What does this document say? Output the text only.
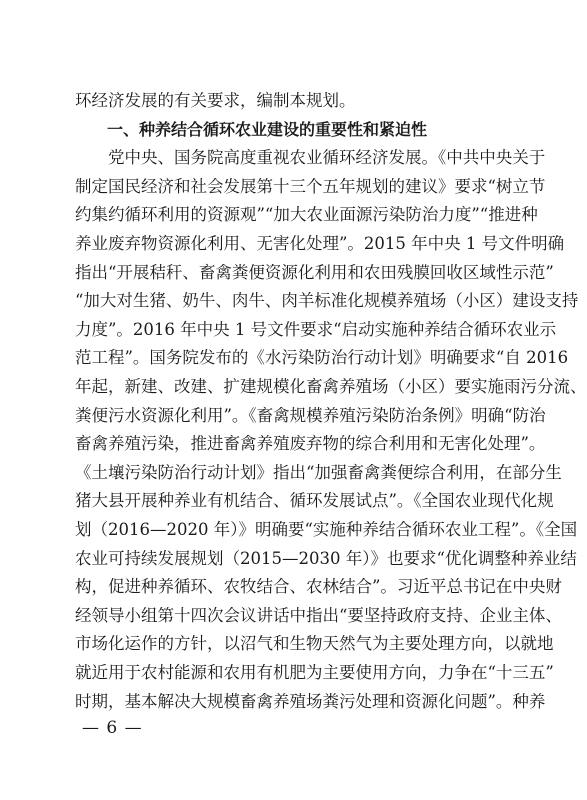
环经济发展的有关要求，编制本规划。
　　一、种养结合循环农业建设的重要性和紧迫性
　　党中央、国务院高度重视农业循环经济发展。《中共中央关于
制定国民经济和社会发展第十三个五年规划的建议》要求“树立节
约集约循环利用的资源观”“加大农业面源污染防治力度”“推进种
养业废弃物资源化利用、无害化处理”。2015 年中央 1 号文件明确
指出“开展秸秆、畜禽粪便资源化利用和农田残膜回收区域性示范”
“加大对生猪、奶牛、肉牛、肉羊标准化规模养殖场（小区）建设支持
力度”。2016 年中央 1 号文件要求“启动实施种养结合循环农业示
范工程”。国务院发布的《水污染防治行动计划》明确要求“自 2016
年起，新建、改建、扩建规模化畜禽养殖场（小区）要实施雨污分流、
粪便污水资源化利用”。《畜禽规模养殖污染防治条例》明确“防治
畜禽养殖污染，推进畜禽养殖废弃物的综合利用和无害化处理”。
《土壤污染防治行动计划》指出“加强畜禽粪便综合利用，在部分生
猪大县开展种养业有机结合、循环发展试点”。《全国农业现代化规
划（2016—2020 年）》明确要“实施种养结合循环农业工程”。《全国
农业可持续发展规划（2015—2030 年）》也要求“优化调整种养业结
构，促进种养循环、农牧结合、农林结合”。习近平总书记在中央财
经领导小组第十四次会议讲话中指出“要坚持政府支持、企业主体、
市场化运作的方针，以沼气和生物天然气为主要处理方向，以就地
就近用于农村能源和农用有机肥为主要使用方向，力争在“十三五”
时期，基本解决大规模畜禽养殖场粪污处理和资源化问题”。种养
— 6 —
